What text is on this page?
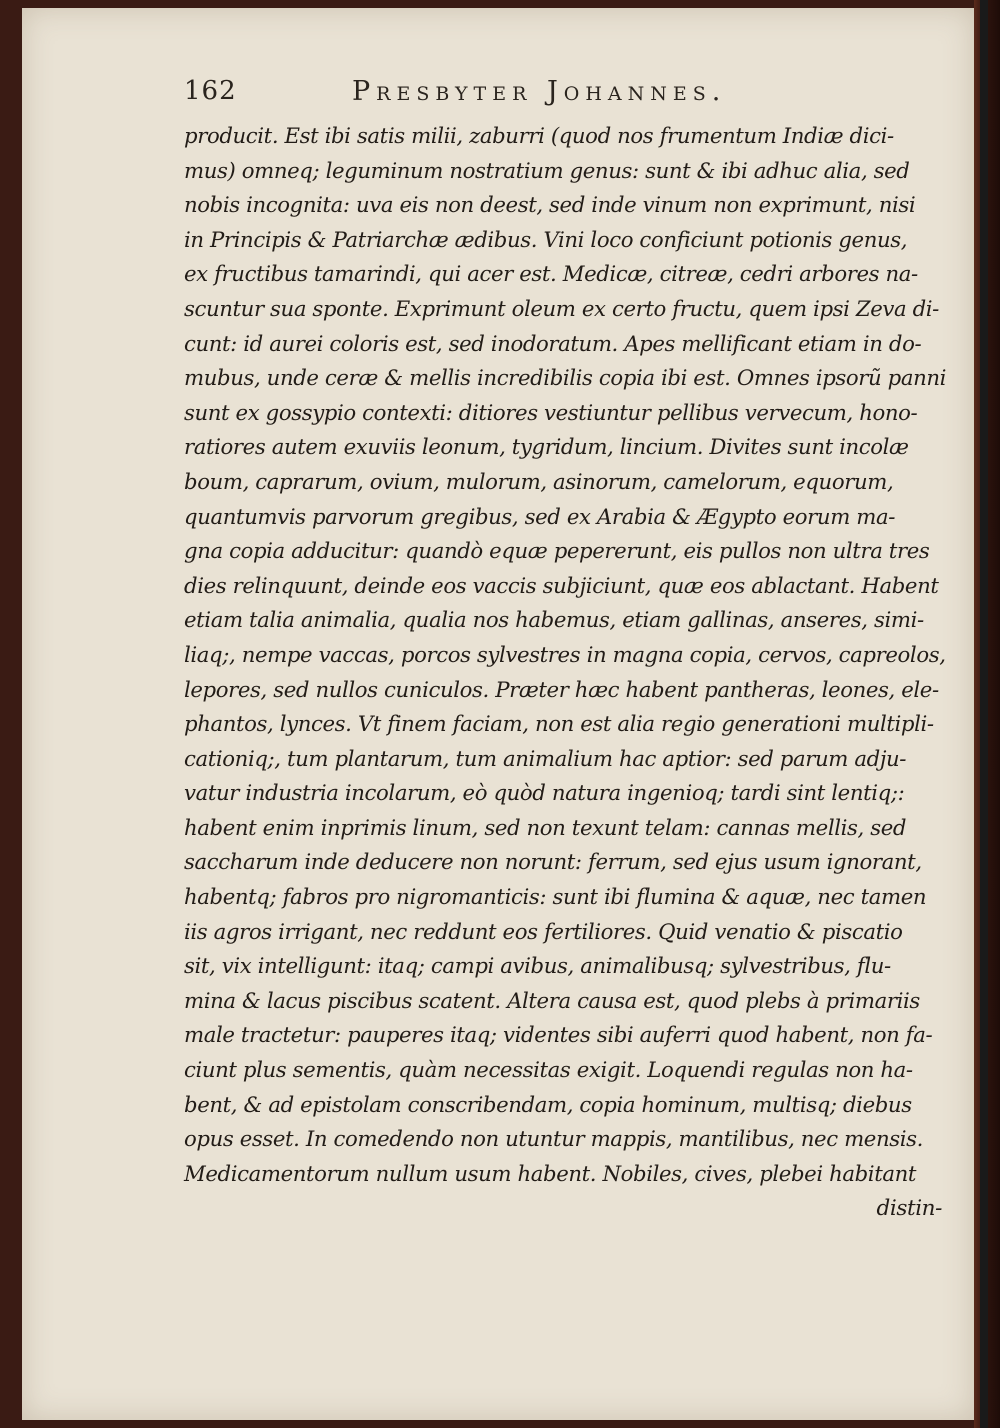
162	Presbyter Johannes.
producit. Est ibi satis milii, zaburri (quod nos frumentum Indiæ dici-
mus) omneq; leguminum nostratium genus: sunt & ibi adhuc alia, sed
nobis incognita: uva eis non deest, sed inde vinum non exprimunt, nisi
in Principis & Patriarchæ ædibus. Vini loco conficiunt potionis genus,
ex fructibus tamarindi, qui acer est. Medicæ, citreæ, cedri arbores na-
scuntur sua sponte. Exprimunt oleum ex certo fructu, quem ipsi Zeva di-
cunt: id aurei coloris est, sed inodoratum. Apes mellificant etiam in do-
mubus, unde ceræ & mellis incredibilis copia ibi est. Omnes ipsorũ panni
sunt ex gossypio contexti: ditiores vestiuntur pellibus vervecum, hono-
ratiores autem exuviis leonum, tygridum, lincium. Divites sunt incolæ
boum, caprarum, ovium, mulorum, asinorum, camelorum, equorum,
quantumvis parvorum gregibus, sed ex Arabia & Ægypto eorum ma-
gna copia adducitur: quandò equæ pepererunt, eis pullos non ultra tres
dies relinquunt, deinde eos vaccis subjiciunt, quæ eos ablactant. Habent
etiam talia animalia, qualia nos habemus, etiam gallinas, anseres, simi-
liaq;, nempe vaccas, porcos sylvestres in magna copia, cervos, capreolos,
lepores, sed nullos cuniculos. Præter hæc habent pantheras, leones, ele-
phantos, lynces. Vt finem faciam, non est alia regio generationi multipli-
cationiq;, tum plantarum, tum animalium hac aptior: sed parum adju-
vatur industria incolarum, eò quòd natura ingenioq; tardi sint lentiq;:
habent enim inprimis linum, sed non texunt telam: cannas mellis, sed
saccharum inde deducere non norunt: ferrum, sed ejus usum ignorant,
habentq; fabros pro nigromanticis: sunt ibi flumina & aquæ, nec tamen
iis agros irrigant, nec reddunt eos fertiliores. Quid venatio & piscatio
sit, vix intelligunt: itaq; campi avibus, animalibusq; sylvestribus, flu-
mina & lacus piscibus scatent. Altera causa est, quod plebs à primariis
male tractetur: pauperes itaq; videntes sibi auferri quod habent, non fa-
ciunt plus sementis, quàm necessitas exigit. Loquendi regulas non ha-
bent, & ad epistolam conscribendam, copia hominum, multisq; diebus
opus esset. In comedendo non utuntur mappis, mantilibus, nec mensis.
Medicamentorum nullum usum habent. Nobiles, cives, plebei habitant
distin-
